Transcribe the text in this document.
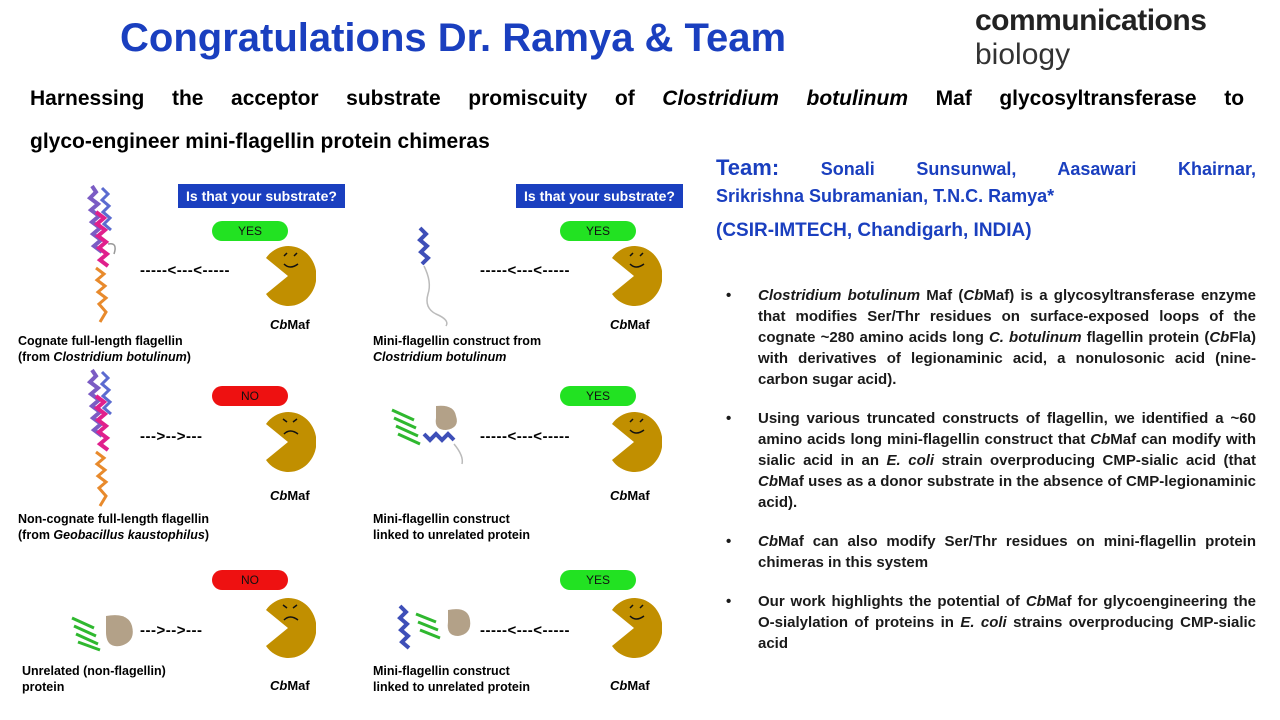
Congratulations Dr. Ramya & Team	communications
biology
Harnessing the acceptor substrate promiscuity of Clostridium botulinum Maf glycosyltransferase to
glyco-engineer mini-flagellin protein chimeras
Team: Sonali Sunsunwal, Aasawari Khairnar,
Srikrishna Subramanian, T.N.C. Ramya*
(CSIR-IMTECH, Chandigarh, INDIA)
• Clostridium botulinum Maf (CbMaf) is a glycosyltransferase enzyme that modifies Ser/Thr residues on surface-exposed loops of the cognate ~280 amino acids long C. botulinum flagellin protein (CbFla) with derivatives of legionaminic acid, a nonulosonic acid (nine-carbon sugar acid).
• Using various truncated constructs of flagellin, we identified a ~60 amino acids long mini-flagellin construct that CbMaf can modify with sialic acid in an E. coli strain overproducing CMP-sialic acid (that CbMaf uses as a donor substrate in the absence of CMP-legionaminic acid).
• CbMaf can also modify Ser/Thr residues on mini-flagellin protein chimeras in this system
• Our work highlights the potential of CbMaf for glycoengineering the O-sialylation of proteins in E. coli strains overproducing CMP-sialic acid
Is that your substrate?	Is that your substrate?
-----<---<-----
YES
CbMaf
Cognate full-length flagellin
(from Clostridium botulinum)
-----<---<-----
YES
CbMaf
Mini-flagellin construct from
Clostridium botulinum
--->-->---
NO
CbMaf
Non-cognate full-length flagellin
(from Geobacillus kaustophilus)
-----<---<-----
YES
CbMaf
Mini-flagellin construct
linked to unrelated protein
--->-->---
NO
CbMaf
Unrelated (non-flagellin)
protein
-----<---<-----
YES
CbMaf
Mini-flagellin construct
linked to unrelated protein
